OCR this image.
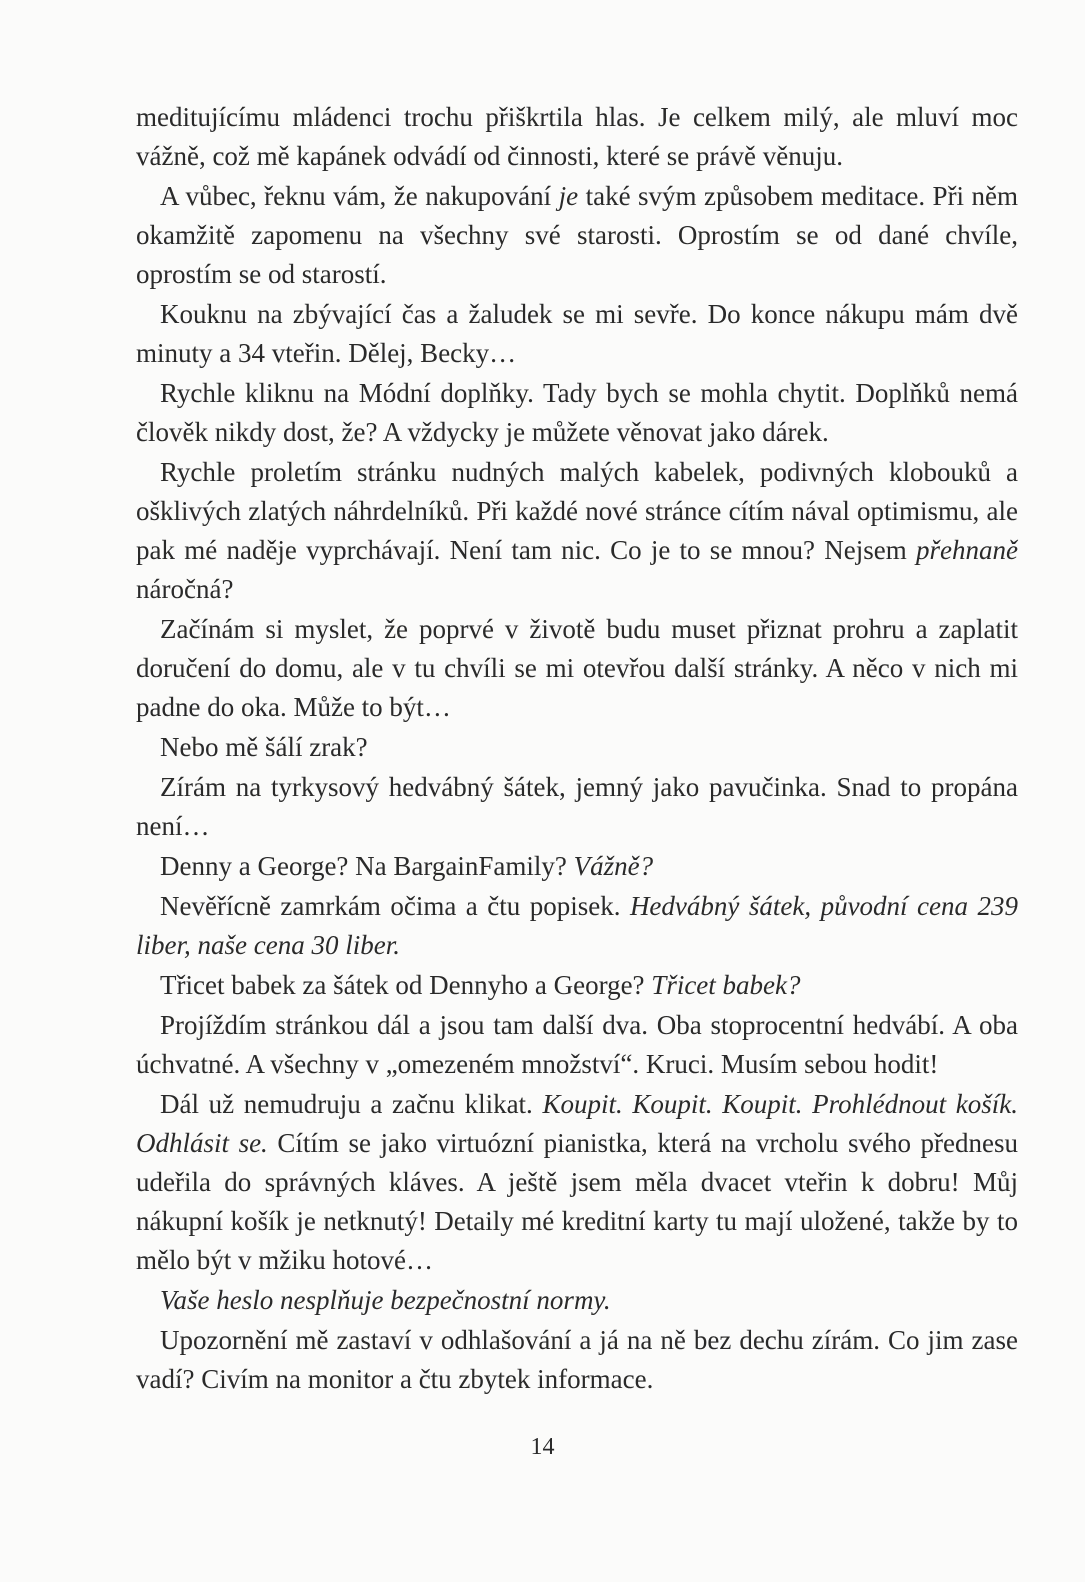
meditujícímu mládenci trochu přiškrtila hlas. Je celkem milý, ale mluví moc vážně, což mě kapánek odvádí od činnosti, které se právě věnuju.

A vůbec, řeknu vám, že nakupování je také svým způsobem meditace. Při něm okamžitě zapomenu na všechny své starosti. Oprostím se od dané chvíle, oprostím se od starostí.

Kouknu na zbývající čas a žaludek se mi sevře. Do konce nákupu mám dvě minuty a 34 vteřin. Dělej, Becky…

Rychle kliknu na Módní doplňky. Tady bych se mohla chytit. Doplňků nemá člověk nikdy dost, že? A vždycky je můžete věnovat jako dárek.

Rychle proletím stránku nudných malých kabelek, podivných klobouků a ošklivých zlatých náhrdelníků. Při každé nové stránce cítím nával optimismu, ale pak mé naděje vyprchávají. Není tam nic. Co je to se mnou? Nejsem přehnaně náročná?

Začínám si myslet, že poprvé v životě budu muset přiznat prohru a zaplatit doručení do domu, ale v tu chvíli se mi otevřou další stránky. A něco v nich mi padne do oka. Může to být…

Nebo mě šálí zrak?

Zírám na tyrkysový hedvábný šátek, jemný jako pavučinka. Snad to propána není…

Denny a George? Na BargainFamily? Vážně?

Nevěřícně zamrkám očima a čtu popisek. Hedvábný šátek, původní cena 239 liber, naše cena 30 liber.

Třicet babek za šátek od Dennyho a George? Třicet babek?

Projíždím stránkou dál a jsou tam další dva. Oba stoprocentní hedvábí. A oba úchvatné. A všechny v „omezeném množství“. Kruci. Musím sebou hodit!

Dál už nemudruju a začnu klikat. Koupit. Koupit. Koupit. Prohlédnout košík. Odhlásit se. Cítím se jako virtuózní pianistka, která na vrcholu svého přednesu udeřila do správných kláves. A ještě jsem měla dvacet vteřin k dobru! Můj nákupní košík je netknutý! Detaily mé kreditní karty tu mají uložené, takže by to mělo být v mžiku hotové…

Vaše heslo nesplňuje bezpečnostní normy.

Upozornění mě zastaví v odhlašování a já na ně bez dechu zírám. Co jim zase vadí? Civím na monitor a čtu zbytek informace.

14
